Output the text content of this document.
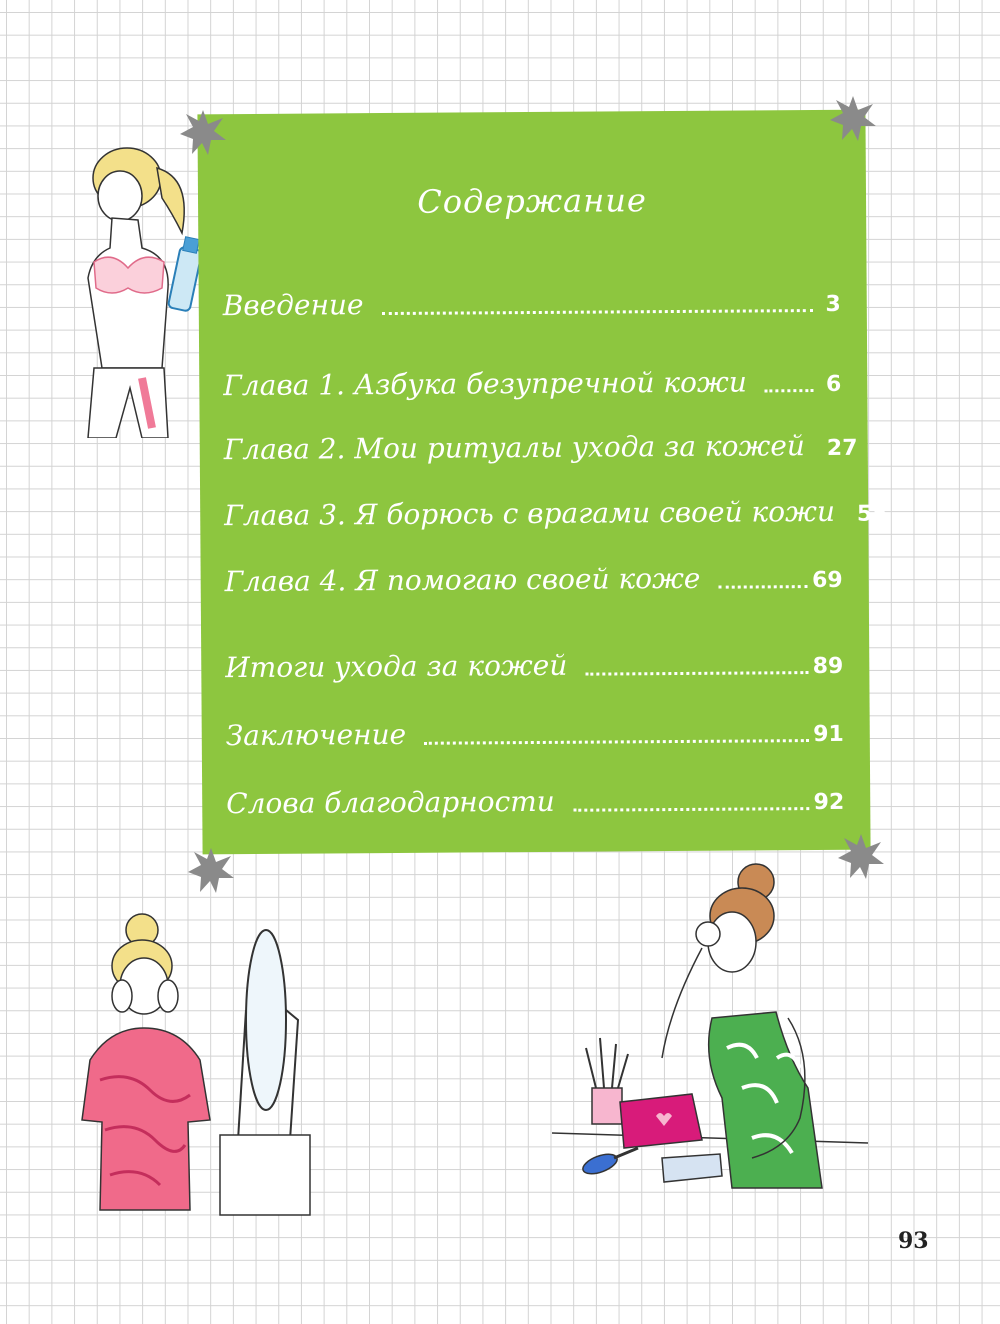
Содержание
Введение	3
Глава 1. Азбука безупречной кожи	6
Глава 2. Мои ритуалы ухода за кожей 27
Глава 3. Я борюсь с врагами своей кожи 55
Глава 4. Я помогаю своей коже	69
Итоги ухода за кожей	89
Заключение	91
Слова благодарности	92
93
